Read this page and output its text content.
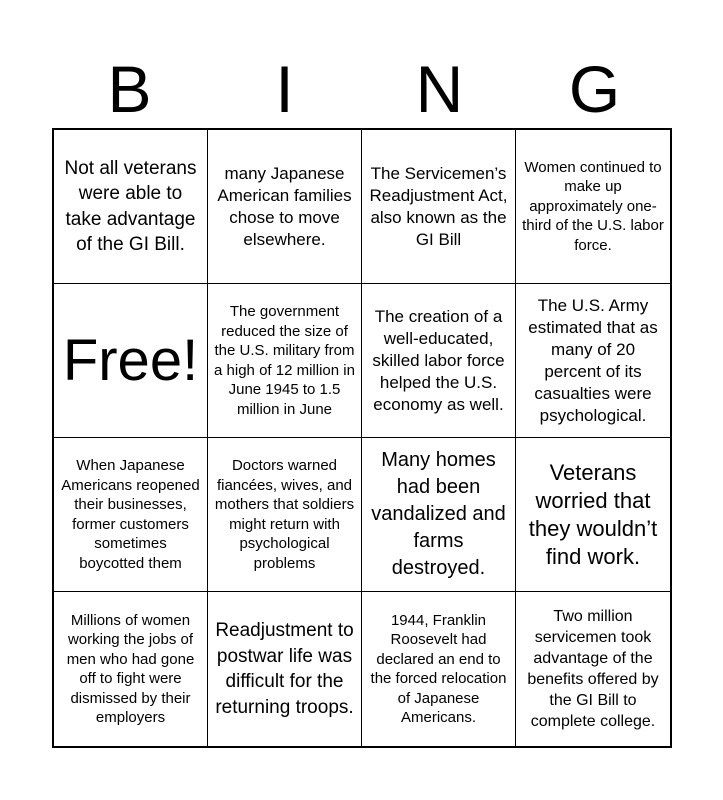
B	I	N	G
Not all veterans were able to take advantage of the GI Bill.
many Japanese American families chose to move elsewhere.
The Servicemen’s Readjustment Act, also known as the GI Bill
Women continued to make up approximately one-third of the U.S. labor force.
Free!
The government reduced the size of the U.S. military from a high of 12 million in June 1945 to 1.5 million in June
The creation of a well-educated, skilled labor force helped the U.S. economy as well.
The U.S. Army estimated that as many of 20 percent of its casualties were psychological.
When Japanese Americans reopened their businesses, former customers sometimes boycotted them
Doctors warned fiancées, wives, and mothers that soldiers might return with psychological problems
Many homes had been vandalized and farms destroyed.
Veterans worried that they wouldn’t find work.
Millions of women working the jobs of men who had gone off to fight were dismissed by their employers
Readjustment to postwar life was difficult for the returning troops.
1944, Franklin Roosevelt had declared an end to the forced relocation of Japanese Americans.
Two million servicemen took advantage of the benefits offered by the GI Bill to complete college.
